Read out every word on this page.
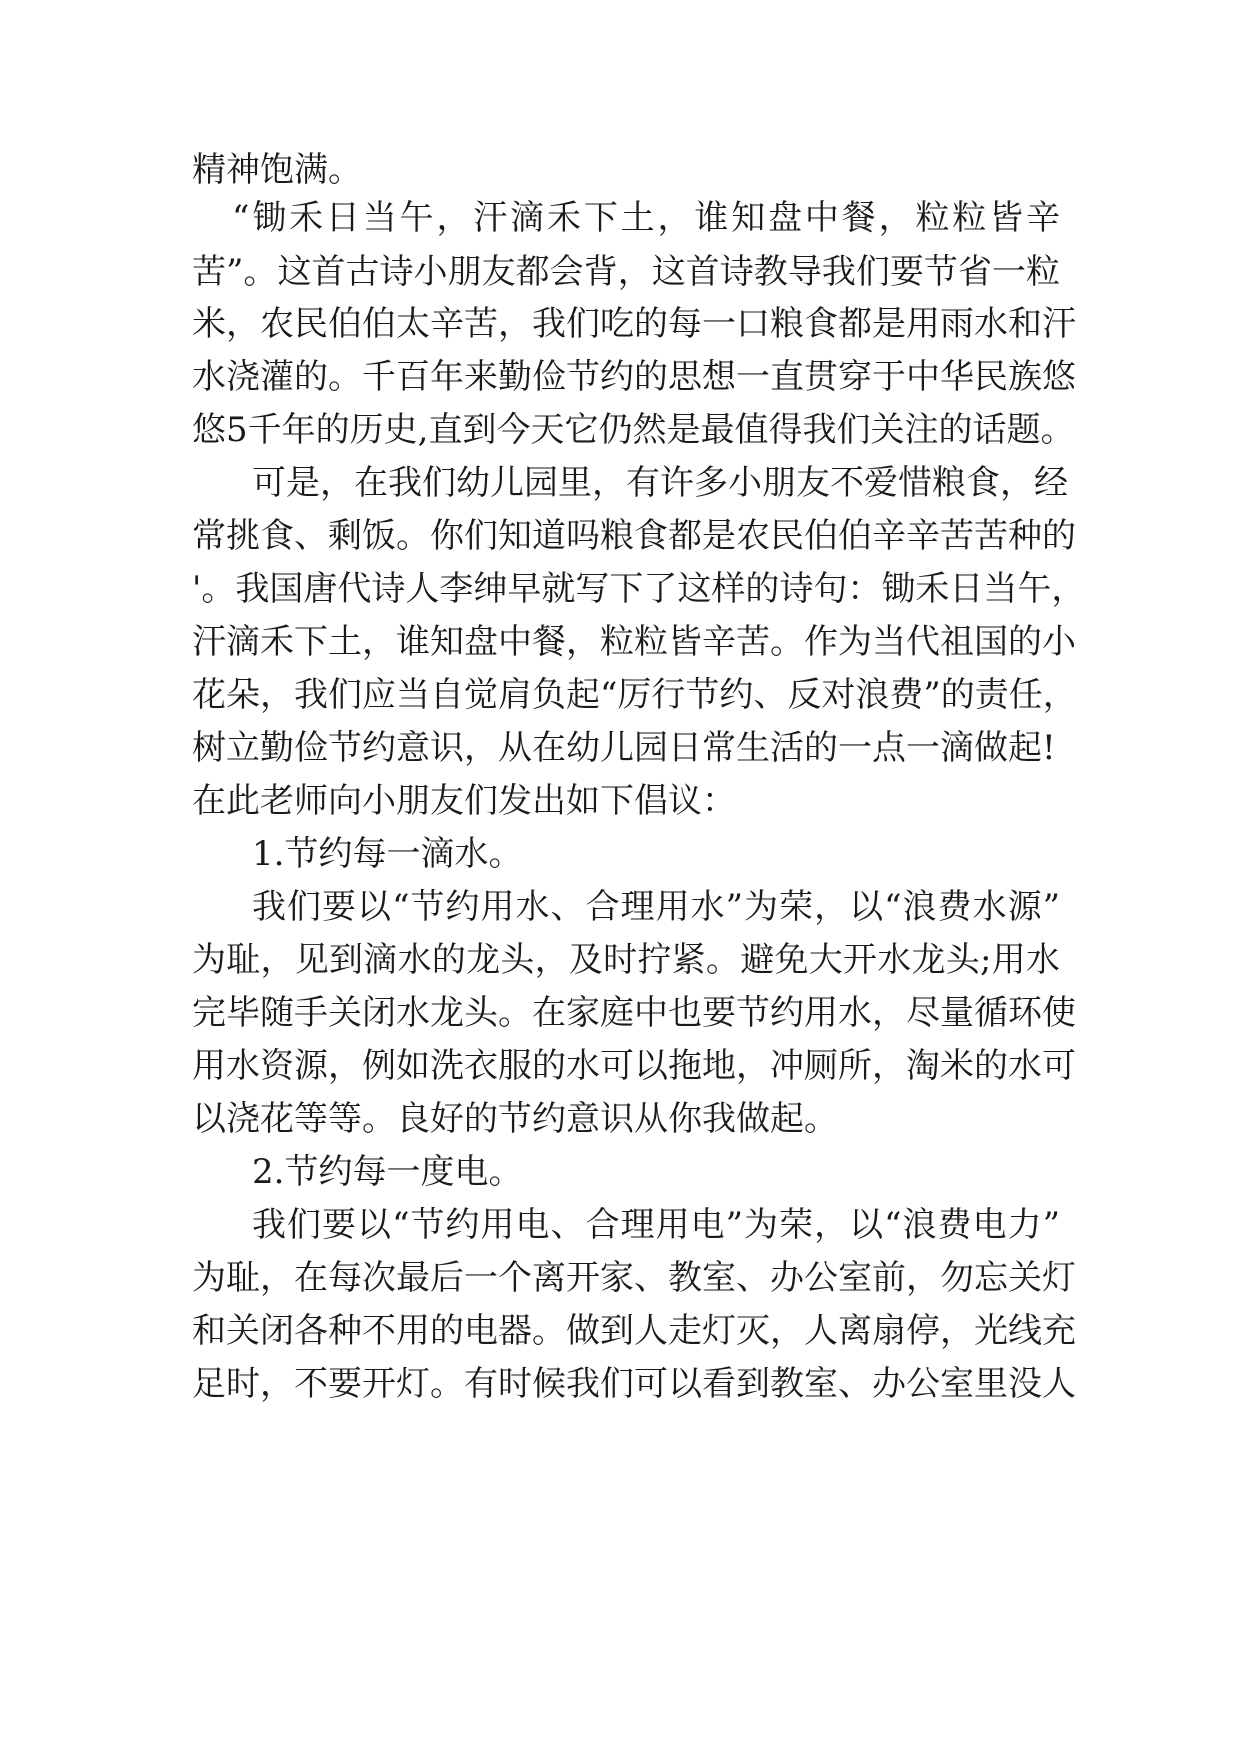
精神饱满。

“锄禾日当午，汗滴禾下土，谁知盘中餐，粒粒皆辛

苦”。这首古诗小朋友都会背，这首诗教导我们要节省一粒

米，农民伯伯太辛苦，我们吃的每一口粮食都是用雨水和汗

水浇灌的。千百年来勤俭节约的思想一直贯穿于中华民族悠

悠5千年的历史,直到今天它仍然是最值得我们关注的话题。

可是，在我们幼儿园里，有许多小朋友不爱惜粮食，经

常挑食、剩饭。你们知道吗粮食都是农民伯伯辛辛苦苦种的

'。我国唐代诗人李绅早就写下了这样的诗句：锄禾日当午，

汗滴禾下土，谁知盘中餐，粒粒皆辛苦。作为当代祖国的小

花朵，我们应当自觉肩负起“厉行节约、反对浪费”的责任，

树立勤俭节约意识，从在幼儿园日常生活的一点一滴做起!

在此老师向小朋友们发出如下倡议：

1.节约每一滴水。

我们要以“节约用水、合理用水”为荣，以“浪费水源”

为耻，见到滴水的龙头，及时拧紧。避免大开水龙头;用水

完毕随手关闭水龙头。在家庭中也要节约用水，尽量循环使

用水资源，例如洗衣服的水可以拖地，冲厕所，淘米的水可

以浇花等等。良好的节约意识从你我做起。

2.节约每一度电。

我们要以“节约用电、合理用电”为荣，以“浪费电力”

为耻，在每次最后一个离开家、教室、办公室前，勿忘关灯

和关闭各种不用的电器。做到人走灯灭，人离扇停，光线充

足时，不要开灯。有时候我们可以看到教室、办公室里没人
